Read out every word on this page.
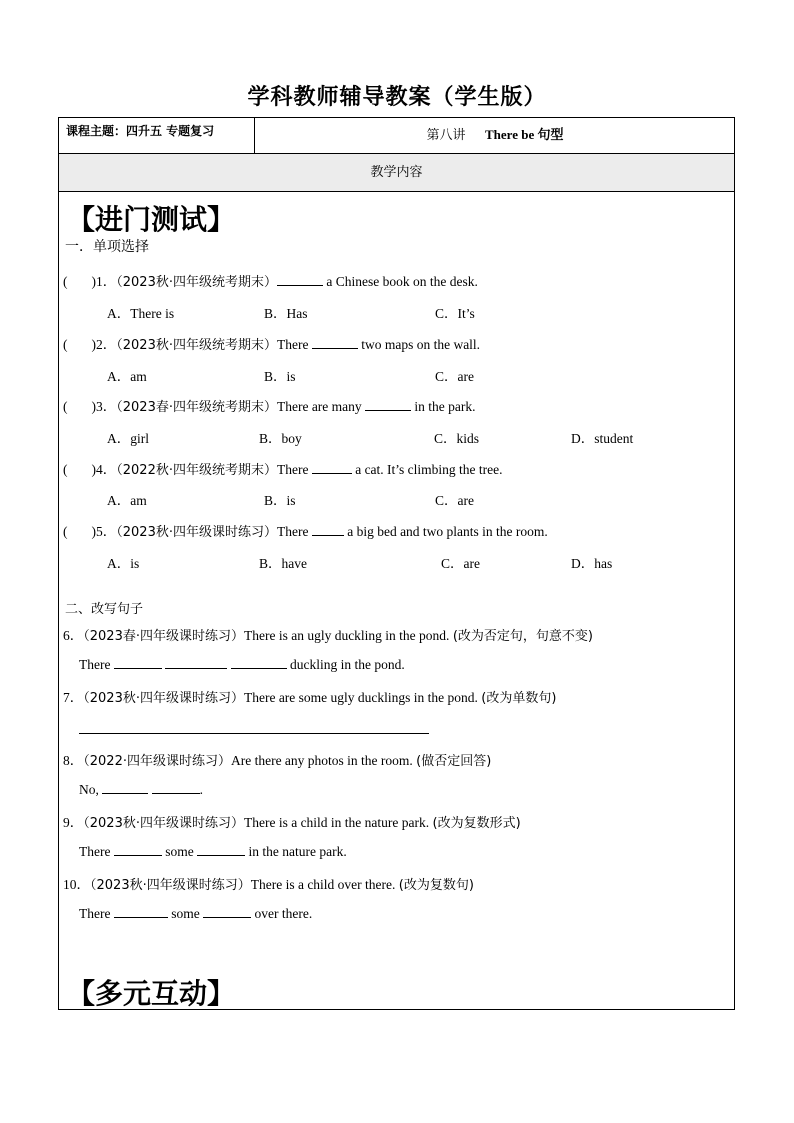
学科教师辅导教案（学生版）
课程主题：四升五 专题复习	第八讲 There be 句型
教学内容
【进门测试】
一．单项选择
( )1．（2023秋·四年级统考期末）	a Chinese book on the desk.
A．There is	B．Has	C．It’s
( )2．（2023秋·四年级统考期末）There	two maps on the wall.
A．am	B．is	C．are
( )3．（2023春·四年级统考期末）There are many	in the park.
A．girl	B．boy	C．kids	D．student
( )4．（2022秋·四年级统考期末）There	a cat. It’s climbing the tree.
A．am	B．is	C．are
( )5．（2023秋·四年级课时练习）There  a big bed and two plants in the room.
A．is	B．have	C．are	D．has
二、改写句子
6．（2023春·四年级课时练习）There is an ugly duckling in the pond. (改为否定句，句意不变)
There	duckling in the pond.
7．（2023秋·四年级课时练习）There are some ugly ducklings in the pond. (改为单数句)
8．（2022·四年级课时练习）Are there any photos in the room. (做否定回答)
No,	.
9．（2023秋·四年级课时练习）There is a child in the nature park. (改为复数形式)
There	some	in the nature park.
10．（2023秋·四年级课时练习）There is a child over there. (改为复数句)
There	some	over there.
【多元互动】
